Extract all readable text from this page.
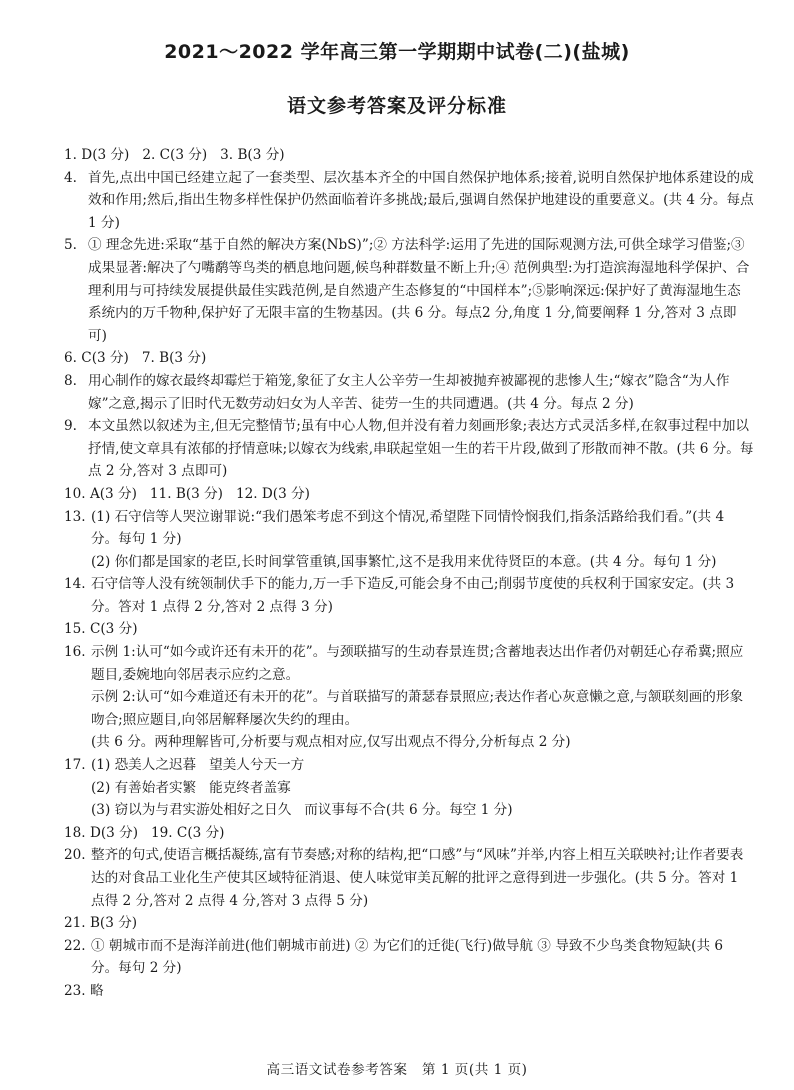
2021～2022 学年高三第一学期期中试卷(二)(盐城)
语文参考答案及评分标准
1. D(3 分)   2. C(3 分)   3. B(3 分)
4. 首先,点出中国已经建立起了一套类型、层次基本齐全的中国自然保护地体系;接着,说明自然保护地体系建设的成效和作用;然后,指出生物多样性保护仍然面临着许多挑战;最后,强调自然保护地建设的重要意义。(共 4 分。每点 1 分)
5. ① 理念先进:采取“基于自然的解决方案(NbS)”;② 方法科学:运用了先进的国际观测方法,可供全球学习借鉴;③ 成果显著:解决了勺嘴鹬等鸟类的栖息地问题,候鸟种群数量不断上升;④ 范例典型:为打造滨海湿地科学保护、合理利用与可持续发展提供最佳实践范例,是自然遗产生态修复的“中国样本”;⑤影响深远:保护好了黄海湿地生态系统内的万千物种,保护好了无限丰富的生物基因。(共 6 分。每点2 分,角度 1 分,简要阐释 1 分,答对 3 点即可)
6. C(3 分)   7. B(3 分)
8. 用心制作的嫁衣最终却霉烂于箱笼,象征了女主人公辛劳一生却被抛弃被鄙视的悲惨人生;“嫁衣”隐含“为人作嫁”之意,揭示了旧时代无数劳动妇女为人辛苦、徒劳一生的共同遭遇。(共 4 分。每点 2 分)
9. 本文虽然以叙述为主,但无完整情节;虽有中心人物,但并没有着力刻画形象;表达方式灵活多样,在叙事过程中加以抒情,使文章具有浓郁的抒情意味;以嫁衣为线索,串联起堂姐一生的若干片段,做到了形散而神不散。(共 6 分。每点 2 分,答对 3 点即可)
10. A(3 分)   11. B(3 分)   12. D(3 分)
13. (1) 石守信等人哭泣谢罪说:“我们愚笨考虑不到这个情况,希望陛下同情怜悯我们,指条活路给我们看。”(共 4 分。每句 1 分)
(2) 你们都是国家的老臣,长时间掌管重镇,国事繁忙,这不是我用来优待贤臣的本意。(共 4 分。每句 1 分)
14. 石守信等人没有统领制伏手下的能力,万一手下造反,可能会身不由己;削弱节度使的兵权利于国家安定。(共 3 分。答对 1 点得 2 分,答对 2 点得 3 分)
15. C(3 分)
16. 示例 1:认可“如今或许还有未开的花”。与颈联描写的生动春景连贯;含蓄地表达出作者仍对朝廷心存希冀;照应题目,委婉地向邻居表示应约之意。
示例 2:认可“如今难道还有未开的花”。与首联描写的萧瑟春景照应;表达作者心灰意懒之意,与颔联刻画的形象吻合;照应题目,向邻居解释屡次失约的理由。
(共 6 分。两种理解皆可,分析要与观点相对应,仅写出观点不得分,分析每点 2 分)
17. (1) 恐美人之迟暮   望美人兮天一方
(2) 有善始者实繁   能克终者盖寡
(3) 窃以为与君实游处相好之日久   而议事每不合(共 6 分。每空 1 分)
18. D(3 分)   19. C(3 分)
20. 整齐的句式,使语言概括凝练,富有节奏感;对称的结构,把“口感”与“风味”并举,内容上相互关联映衬;让作者要表达的对食品工业化生产使其区域特征消退、使人味觉审美瓦解的批评之意得到进一步强化。(共 5 分。答对 1 点得 2 分,答对 2 点得 4 分,答对 3 点得 5 分)
21. B(3 分)
22. ① 朝城市而不是海洋前进(他们朝城市前进) ② 为它们的迁徙(飞行)做导航 ③ 导致不少鸟类食物短缺(共 6 分。每句 2 分)
23. 略
高三语文试卷参考答案   第 1 页(共 1 页)
